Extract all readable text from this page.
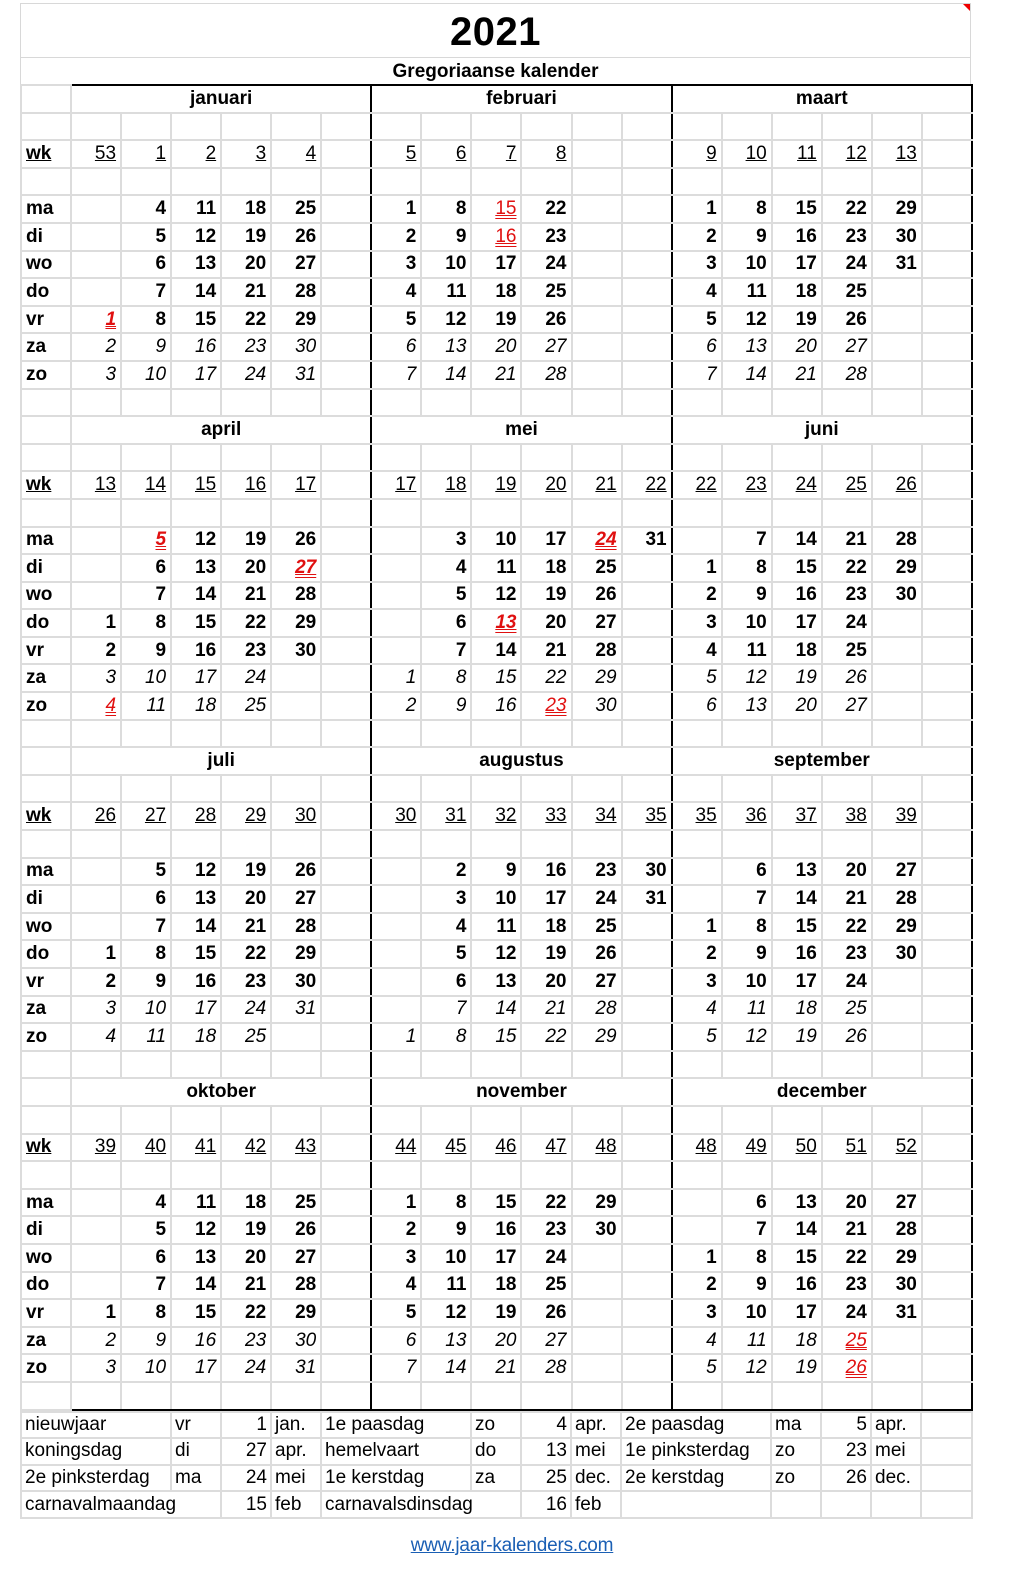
2021
Gregoriaanse kalender
	januari						februari						maart					

wk	53	1	2	3	4		5	6	7	8			9	10	11	12	13	

ma		4	11	18	25		1	8	15	22			1	8	15	22	29	
di		5	12	19	26		2	9	16	23			2	9	16	23	30	
wo		6	13	20	27		3	10	17	24			3	10	17	24	31	
do		7	14	21	28		4	11	18	25			4	11	18	25		
vr	1	8	15	22	29		5	12	19	26			5	12	19	26		
za	2	9	16	23	30		6	13	20	27			6	13	20	27		
zo	3	10	17	24	31		7	14	21	28			7	14	21	28		

	april						mei						juni					

wk	13	14	15	16	17		17	18	19	20	21	22	22	23	24	25	26	

ma		5	12	19	26			3	10	17	24	31		7	14	21	28	
di		6	13	20	27			4	11	18	25		1	8	15	22	29	
wo		7	14	21	28			5	12	19	26		2	9	16	23	30	
do	1	8	15	22	29			6	13	20	27		3	10	17	24		
vr	2	9	16	23	30			7	14	21	28		4	11	18	25		
za	3	10	17	24			1	8	15	22	29		5	12	19	26		
zo	4	11	18	25			2	9	16	23	30		6	13	20	27		

	juli						augustus						september					

wk	26	27	28	29	30		30	31	32	33	34	35	35	36	37	38	39	

ma		5	12	19	26			2	9	16	23	30		6	13	20	27	
di		6	13	20	27			3	10	17	24	31		7	14	21	28	
wo		7	14	21	28			4	11	18	25		1	8	15	22	29	
do	1	8	15	22	29			5	12	19	26		2	9	16	23	30	
vr	2	9	16	23	30			6	13	20	27		3	10	17	24		
za	3	10	17	24	31			7	14	21	28		4	11	18	25		
zo	4	11	18	25			1	8	15	22	29		5	12	19	26		

	oktober						november						december					

wk	39	40	41	42	43		44	45	46	47	48		48	49	50	51	52	

ma		4	11	18	25		1	8	15	22	29			6	13	20	27	
di		5	12	19	26		2	9	16	23	30			7	14	21	28	
wo		6	13	20	27		3	10	17	24			1	8	15	22	29	
do		7	14	21	28		4	11	18	25			2	9	16	23	30	
vr	1	8	15	22	29		5	12	19	26			3	10	17	24	31	
za	2	9	16	23	30		6	13	20	27			4	11	18	25		
zo	3	10	17	24	31		7	14	21	28			5	12	19	26		

nieuwjaar	vr	1	jan.	1e paasdag	zo	4	apr.	2e paasdag	ma	5	apr.	
koningsdag	di	27	apr.	hemelvaart	do	13	mei	1e pinksterdag	zo	23	mei	
2e pinksterdag	ma	24	mei	1e kerstdag	za	25	dec.	2e kerstdag	zo	26	dec.	
carnavalmaandag		15	feb	carnavalsdinsdag		16	feb					
www.jaar-kalenders.com
